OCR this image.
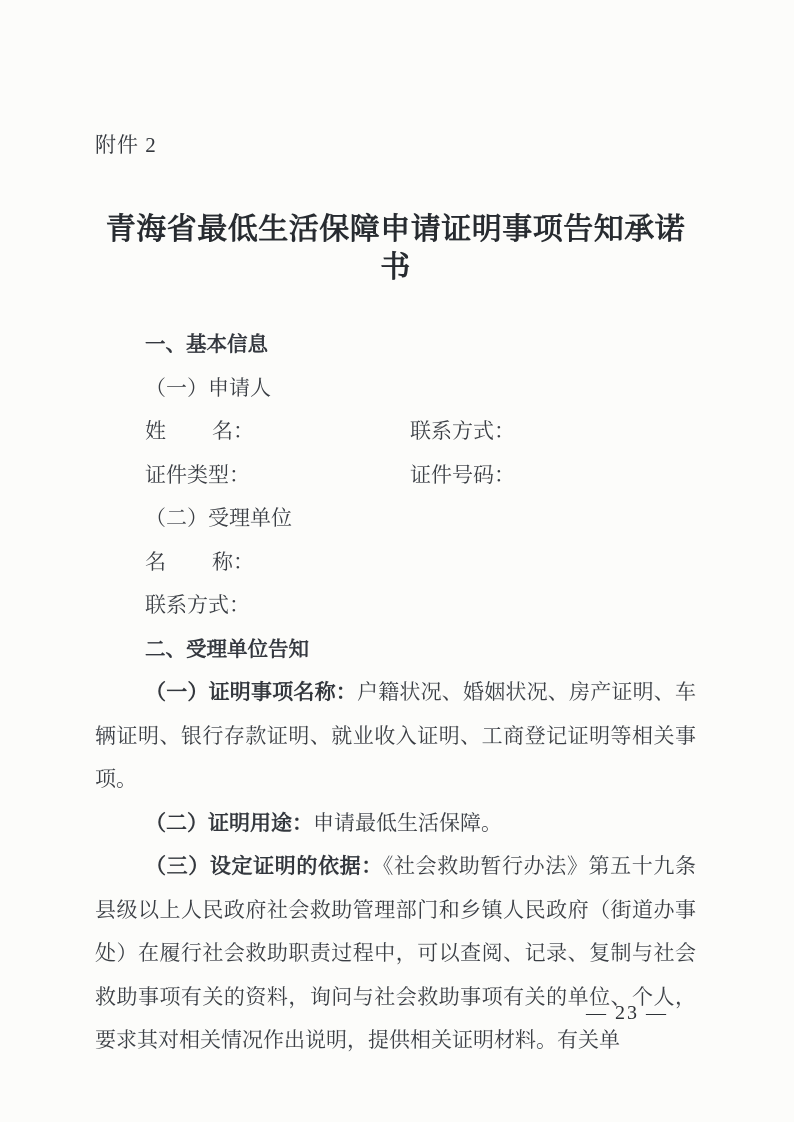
附件 2
青海省最低生活保障申请证明事项告知承诺书
一、基本信息
（一）申请人
姓名：	联系方式：
证件类型：	证件号码：
（二）受理单位
名称：
联系方式：
二、受理单位告知

（一）证明事项名称：户籍状况、婚姻状况、房产证明、车辆证明、银行存款证明、就业收入证明、工商登记证明等相关事项。

（二）证明用途：申请最低生活保障。

（三）设定证明的依据：《社会救助暂行办法》第五十九条县级以上人民政府社会救助管理部门和乡镇人民政府（街道办事处）在履行社会救助职责过程中，可以查阅、记录、复制与社会救助事项有关的资料，询问与社会救助事项有关的单位、个人，要求其对相关情况作出说明，提供相关证明材料。有关单

— 23 —
